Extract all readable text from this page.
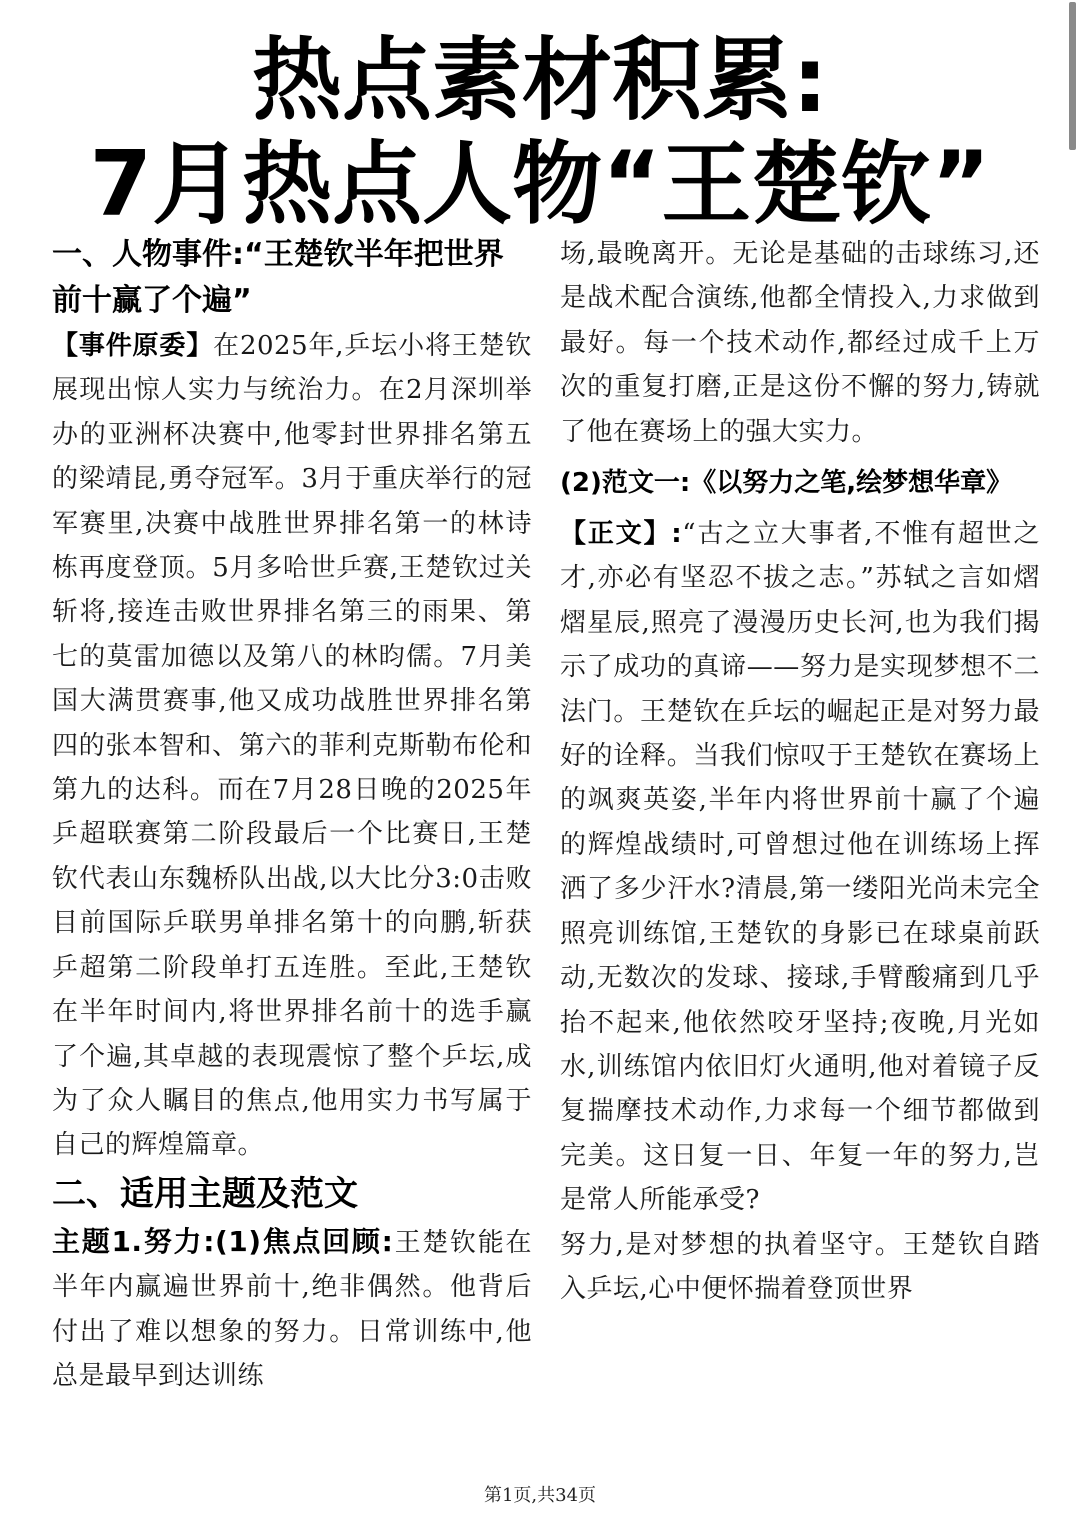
热点素材积累:
7月热点人物“王楚钦”
一、人物事件:“王楚钦半年把世界前十赢了个遍”

【事件原委】在2025年,乒坛小将王楚钦展现出惊人实力与统治力。在2月深圳举办的亚洲杯决赛中,他零封世界排名第五的梁靖昆,勇夺冠军。3月于重庆举行的冠军赛里,决赛中战胜世界排名第一的林诗栋再度登顶。5月多哈世乒赛,王楚钦过关斩将,接连击败世界排名第三的雨果、第七的莫雷加德以及第八的林昀儒。7月美国大满贯赛事,他又成功战胜世界排名第四的张本智和、第六的菲利克斯勒布伦和第九的达科。而在7月28日晚的2025年乒超联赛第二阶段最后一个比赛日,王楚钦代表山东魏桥队出战,以大比分3:0击败目前国际乒联男单排名第十的向鹏,斩获乒超第二阶段单打五连胜。至此,王楚钦在半年时间内,将世界排名前十的选手赢了个遍,其卓越的表现震惊了整个乒坛,成为了众人瞩目的焦点,他用实力书写属于自己的辉煌篇章。

二、适用主题及范文

主题1.努力:(1)焦点回顾:王楚钦能在半年内赢遍世界前十,绝非偶然。他背后付出了难以想象的努力。日常训练中,他总是最早到达训练

场,最晚离开。无论是基础的击球练习,还是战术配合演练,他都全情投入,力求做到最好。每一个技术动作,都经过成千上万次的重复打磨,正是这份不懈的努力,铸就了他在赛场上的强大实力。

(2)范文一:《以努力之笔,绘梦想华章》

【正文】:“古之立大事者,不惟有超世之才,亦必有坚忍不拔之志。”苏轼之言如熠熠星辰,照亮了漫漫历史长河,也为我们揭示了成功的真谛——努力是实现梦想不二法门。王楚钦在乒坛的崛起正是对努力最好的诠释。当我们惊叹于王楚钦在赛场上的飒爽英姿,半年内将世界前十赢了个遍的辉煌战绩时,可曾想过他在训练场上挥洒了多少汗水?清晨,第一缕阳光尚未完全照亮训练馆,王楚钦的身影已在球桌前跃动,无数次的发球、接球,手臂酸痛到几乎抬不起来,他依然咬牙坚持;夜晚,月光如水,训练馆内依旧灯火通明,他对着镜子反复揣摩技术动作,力求每一个细节都做到完美。这日复一日、年复一年的努力,岂是常人所能承受?

努力,是对梦想的执着坚守。王楚钦自踏入乒坛,心中便怀揣着登顶世界

第1页,共34页
